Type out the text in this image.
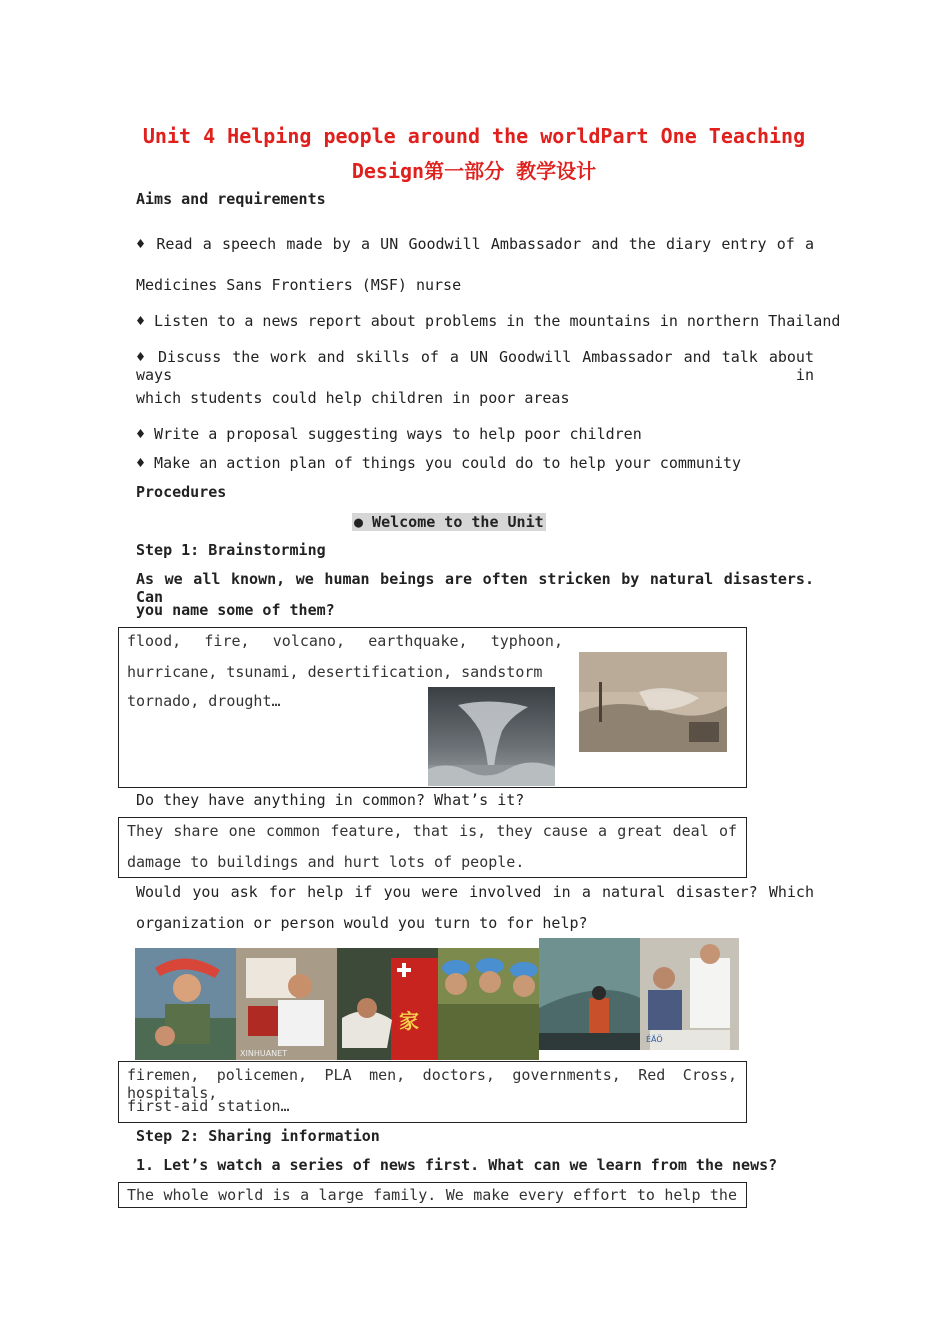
Unit 4 Helping people around the worldPart One Teaching
Design第一部分 教学设计
Aims and requirements
♦ Read a speech made by a UN Goodwill Ambassador and the diary entry of a
Medicines Sans Frontiers (MSF) nurse
♦ Listen to a news report about problems in the mountains in northern Thailand
♦ Discuss the work and skills of a UN Goodwill Ambassador and talk about ways in
which students could help children in poor areas
♦ Write a proposal suggesting ways to help poor children
♦ Make an action plan of things you could do to help your community
Procedures
● Welcome to the Unit
Step 1: Brainstorming
As we all known, we human beings are often stricken by natural disasters. Can
you name some of them?
flood, fire, volcano, earthquake, typhoon,
hurricane, tsunami, desertification, sandstorm
tornado, drought…
Do they have anything in common? What’s it?
They share one common feature, that is, they cause a great deal of
damage to buildings and hurt lots of people.
Would you ask for help if you were involved in a natural disaster? Which
organization or person would you turn to for help?
XINHUANET
家
ÉÄÖ
firemen, policemen, PLA men, doctors, governments, Red Cross, hospitals,
first-aid station…
Step 2: Sharing information
1. Let’s watch a series of news first. What can we learn from the news?
The whole world is a large family. We make every effort to help the
